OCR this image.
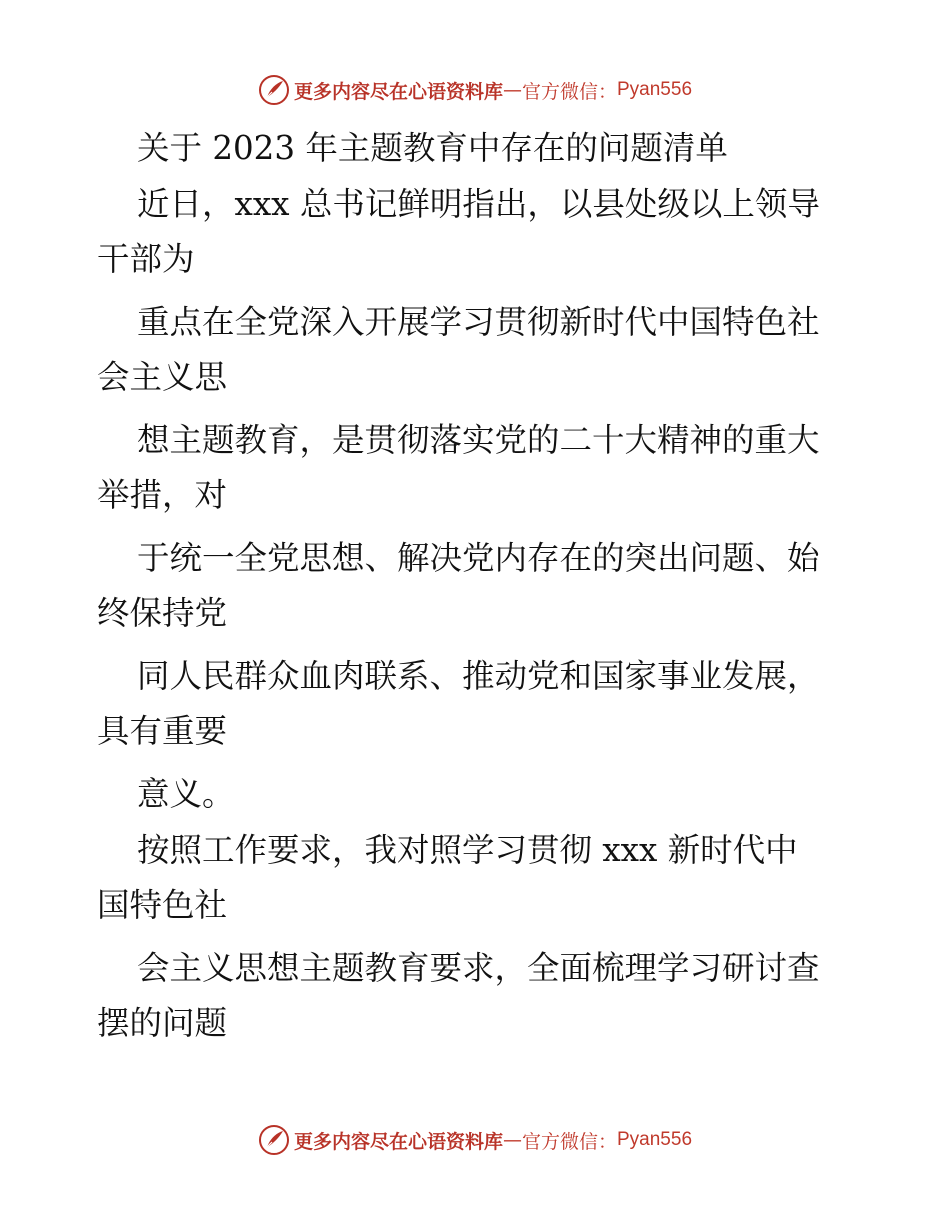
更多内容尽在心语资料库 — 官方微信： Pyan556
关于 2023 年主题教育中存在的问题清单
近日，xxx 总书记鲜明指出，以县处级以上领导
干部为
重点在全党深入开展学习贯彻新时代中国特色社
会主义思
想主题教育，是贯彻落实党的二十大精神的重大
举措，对
于统一全党思想、解决党内存在的突出问题、始
终保持党
同人民群众血肉联系、推动党和国家事业发展，
具有重要
意义。
按照工作要求，我对照学习贯彻 xxx 新时代中
国特色社
会主义思想主题教育要求，全面梳理学习研讨查
摆的问题
更多内容尽在心语资料库 — 官方微信： Pyan556
